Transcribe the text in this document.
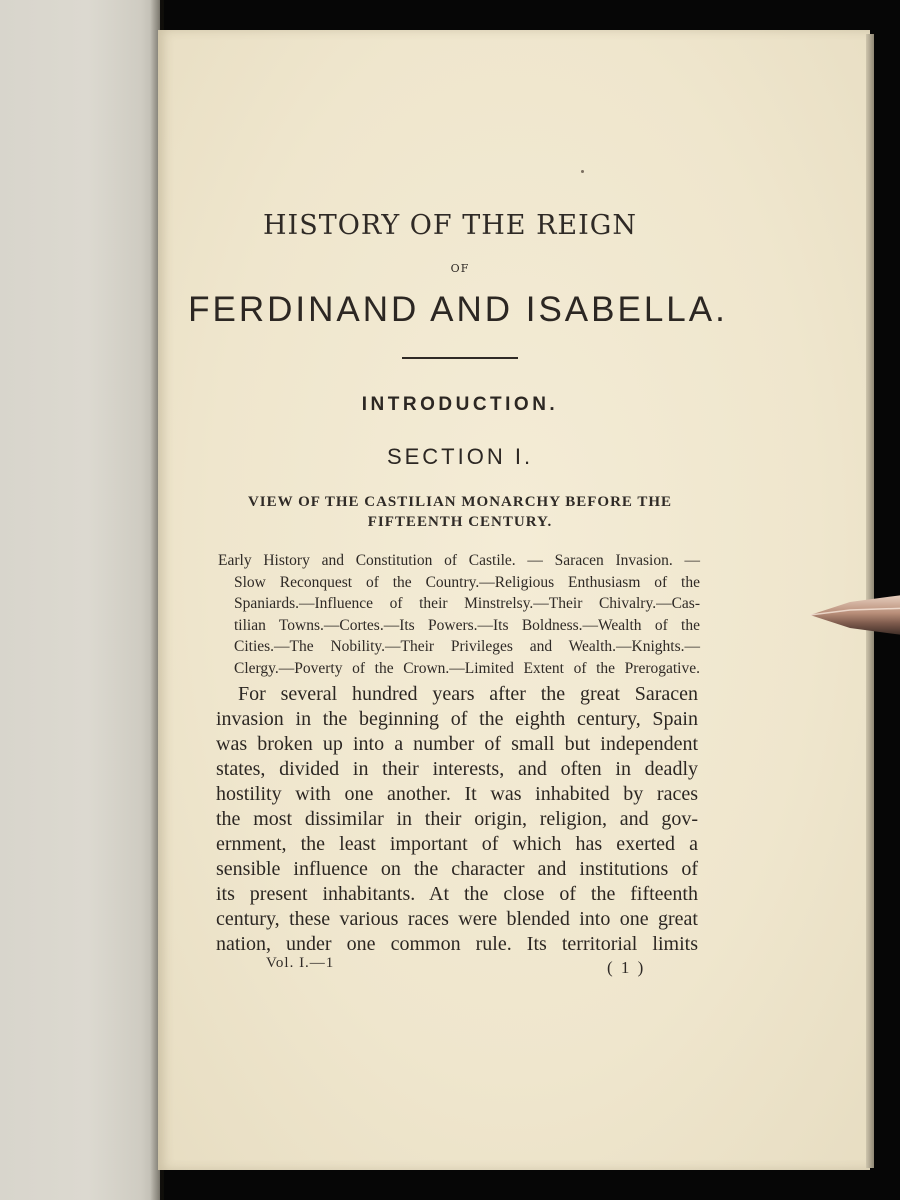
HISTORY OF THE REIGN
OF
FERDINAND AND ISABELLA.
INTRODUCTION.
SECTION I.
VIEW OF THE CASTILIAN MONARCHY BEFORE THE
FIFTEENTH CENTURY.
Early History and Constitution of Castile. — Saracen Invasion. —
Slow Reconquest of the Country.—Religious Enthusiasm of the
Spaniards.—Influence of their Minstrelsy.—Their Chivalry.—Cas-
tilian Towns.—Cortes.—Its Powers.—Its Boldness.—Wealth of the
Cities.—The Nobility.—Their Privileges and Wealth.—Knights.—
Clergy.—Poverty of the Crown.—Limited Extent of the Prerogative.
For several hundred years after the great Saracen
invasion in the beginning of the eighth century, Spain
was broken up into a number of small but independent
states, divided in their interests, and often in deadly
hostility with one another. It was inhabited by races
the most dissimilar in their origin, religion, and gov-
ernment, the least important of which has exerted a
sensible influence on the character and institutions of
its present inhabitants. At the close of the fifteenth
century, these various races were blended into one great
nation, under one common rule. Its territorial limits
Vol. I.—1	( 1 )
